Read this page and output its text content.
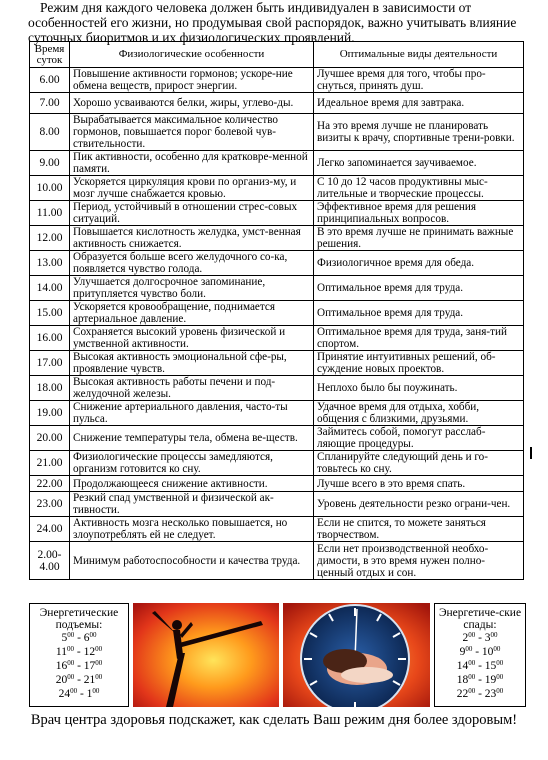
Режим дня каждого человека должен быть индивидуален в зависимости от особенностей его жизни, но продумывая свой распорядок, важно учитывать влияние суточных биоритмов и их физиологических проявлений.

Время суток	Физиологические особенности	Оптимальные виды деятельности
6.00	Повышение активности гормонов; ускоре-ние обмена веществ, прирост энергии.	Лучшее время для того, чтобы про-снуться, принять душ.
7.00	Хорошо усваиваются белки, жиры, углево-ды.	Идеальное время для завтрака.
8.00	Вырабатывается максимальное количество гормонов, повышается порог болевой чув-ствительности.	На это время лучше не планировать визиты к врачу, спортивные трени-ровки.
9.00	Пик активности, особенно для кратковре-менной памяти.	Легко запоминается заучиваемое.
10.00	Ускоряется циркуляция крови по организ-му, и мозг лучше снабжается кровью.	С 10 до 12 часов продуктивны мыс-лительные и творческие процессы.
11.00	Период, устойчивый в отношении стрес-совых ситуаций.	Эффективное время для решения принципиальных вопросов.
12.00	Повышается кислотность желудка, умст-венная активность снижается.	В это время лучше не принимать важные решения.
13.00	Образуется больше всего желудочного со-ка, появляется чувство голода.	Физиологичное время для обеда.
14.00	Улучшается долгосрочное запоминание, притупляется чувство боли.	Оптимальное время для труда.
15.00	Ускоряется кровообращение, поднимается артериальное давление.	Оптимальное время для труда.
16.00	Сохраняется высокий уровень физической и умственной активности.	Оптимальное время для труда, заня-тий спортом.
17.00	Высокая активность эмоциональной сфе-ры, проявление чувств.	Принятие интуитивных решений, об-суждение новых проектов.
18.00	Высокая активность работы печени и под-желудочной железы.	Неплохо было бы поужинать.
19.00	Снижение артериального давления, часто-ты пульса.	Удачное время для отдыха, хобби, общения с близкими, друзьями.
20.00	Снижение температуры тела, обмена ве-ществ.	Займитесь собой, помогут расслаб-ляющие процедуры.
21.00	Физиологические процессы замедляются, организм готовится ко сну.	Спланируйте следующий день и го-товьтесь ко сну.
22.00	Продолжающееся снижение активности.	Лучше всего в это время спать.
23.00	Резкий спад умственной и физической ак-тивности.	Уровень деятельности резко ограни-чен.
24.00	Активность мозга несколько повышается, но злоупотреблять ей не следует.	Если не спится, то можете заняться творчеством.
2.00-4.00	Минимум работоспособности и качества труда.	Если нет производственной необхо-димости, в это время нужен полно-ценный отдых и сон.
Энергетические подъемы:
$5^{00} - 6^{00}$
$11^{00} - 12^{00}$
$16^{00} - 17^{00}$
$20^{00} - 21^{00}$
$24^{00} - 1^{00}$
Энергетиче-ские спады:
$2^{00} - 3^{00}$
$9^{00} - 10^{00}$
$14^{00} - 15^{00}$
$18^{00} - 19^{00}$
$22^{00} - 23^{00}$
Врач центра здоровья подскажет, как сделать Ваш режим дня более здоровым!
